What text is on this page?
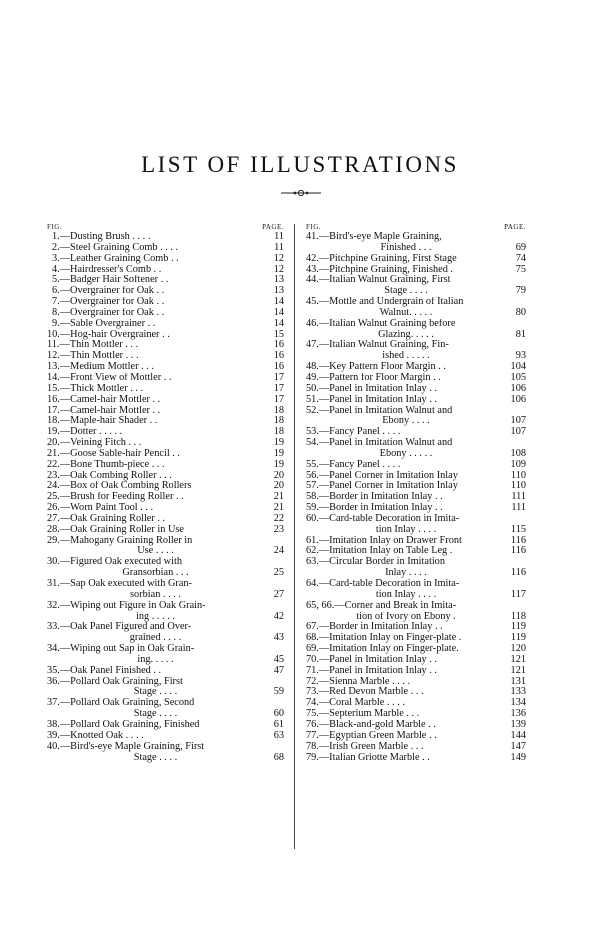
LIST OF ILLUSTRATIONS
FIG.	PAGE.
1.—Dusting Brush . . . .	11
2.—Steel Graining Comb . . . .	11
3.—Leather Graining Comb . .	12
4.—Hairdresser's Comb . .	12
5.—Badger Hair Softener . .	13
6.—Overgrainer for Oak . .	13
7.—Overgrainer for Oak . .	14
8.—Overgrainer for Oak . .	14
9.—Sable Overgrainer . .	14
10.—Hog-hair Overgrainer . .	15
11.—Thin Mottler . . .	16
12.—Thin Mottler . . .	16
13.—Medium Mottler . . .	16
14.—Front View of Mottler . .	17
15.—Thick Mottler . . .	17
16.—Camel-hair Mottler . .	17
17.—Camel-hair Mottler . .	18
18.—Maple-hair Shader . .	18
19.—Dotter . . . . .	18
20.—Veining Fitch . . .	19
21.—Goose Sable-hair Pencil . .	19
22.—Bone Thumb-piece . . .	19
23.—Oak Combing Roller . . .	20
24.—Box of Oak Combing Rollers	20
25.—Brush for Feeding Roller . .	21
26.—Worn Paint Tool . . .	21
27.—Oak Graining Roller . .	22
28.—Oak Graining Roller in Use	23
29.—Mahogany Graining Roller in
Use . . . .	24
30.—Figured Oak executed with
Gransorbian . . .	25
31.—Sap Oak executed with Gran-
sorbian . . . .	27
32.—Wiping out Figure in Oak Grain-
ing . . . . .	42
33.—Oak Panel Figured and Over-
grained . . . .	43
34.—Wiping out Sap in Oak Grain-
ing. . . . .	45
35.—Oak Panel Finished . .	47
36.—Pollard Oak Graining, First
Stage . . . .	59
37.—Pollard Oak Graining, Second
Stage . . . .	60
38.—Pollard Oak Graining, Finished	61
39.—Knotted Oak . . . .	63
40.—Bird's-eye Maple Graining, First
Stage . . . .	68
FIG.	PAGE.
41.—Bird's-eye Maple Graining,
Finished . . .	69
42.—Pitchpine Graining, First Stage	74
43.—Pitchpine Graining, Finished .	75
44.—Italian Walnut Graining, First
Stage . . . .	79
45.—Mottle and Undergrain of Italian
Walnut. . . . .	80
46.—Italian Walnut Graining before
Glazing. . . . .	81
47.—Italian Walnut Graining, Fin-
ished . . . . .	93
48.—Key Pattern Floor Margin . .	104
49.—Pattern for Floor Margin . .	105
50.—Panel in Imitation Inlay . .	106
51.—Panel in Imitation Inlay . .	106
52.—Panel in Imitation Walnut and
Ebony . . . .	107
53.—Fancy Panel . . . .	107
54.—Panel in Imitation Walnut and
Ebony . . . . .	108
55.—Fancy Panel . . . .	109
56.—Panel Corner in Imitation Inlay	110
57.—Panel Corner in Imitation Inlay	110
58.—Border in Imitation Inlay . .	111
59.—Border in Imitation Inlay . .	111
60.—Card-table Decoration in Imita-
tion Inlay . . . .	115
61.—Imitation Inlay on Drawer Front	116
62.—Imitation Inlay on Table Leg .	116
63.—Circular Border in Imitation
Inlay . . . .	116
64.—Card-table Decoration in Imita-
tion Inlay . . . .	117
65, 66.—Corner and Break in Imita-
tion of Ivory on Ebony .	118
67.—Border in Imitation Inlay . .	119
68.—Imitation Inlay on Finger-plate .	119
69.—Imitation Inlay on Finger-plate.	120
70.—Panel in Imitation Inlay . .	121
71.—Panel in Imitation Inlay . .	121
72.—Sienna Marble . . . .	131
73.—Red Devon Marble . . .	133
74.—Coral Marble . . . .	134
75.—Septerium Marble . . .	136
76.—Black-and-gold Marble . .	139
77.—Egyptian Green Marble . .	144
78.—Irish Green Marble . . .	147
79.—Italian Griotte Marble . .	149
